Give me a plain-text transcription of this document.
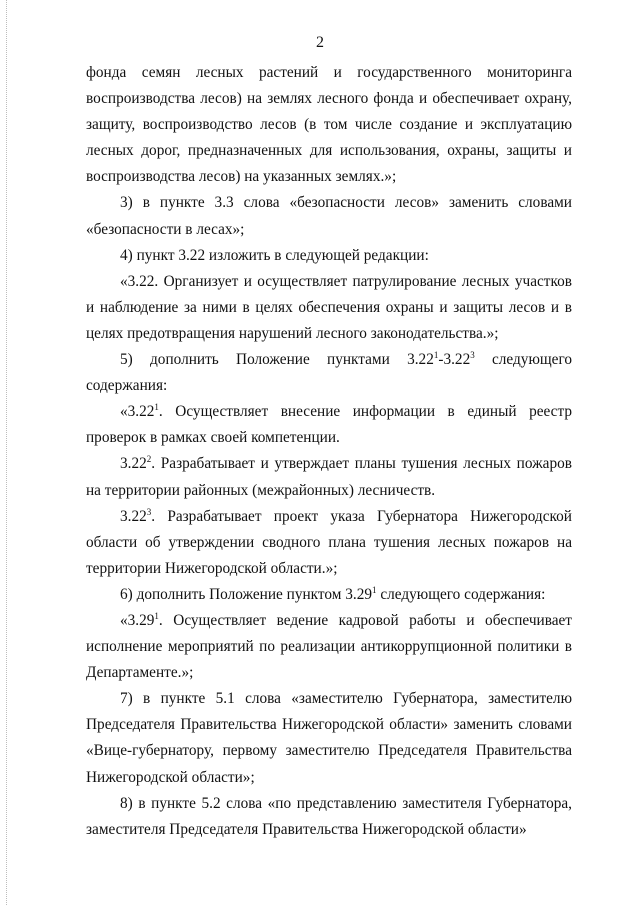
2

фонда семян лесных растений и государственного мониторинга воспроизводства лесов) на землях лесного фонда и обеспечивает охрану, защиту, воспроизводство лесов (в том числе создание и эксплуатацию лесных дорог, предназначенных для использования, охраны, защиты и воспроизводства лесов) на указанных землях.»;

3) в пункте 3.3 слова «безопасности лесов» заменить словами «безопасности в лесах»;

4) пункт 3.22 изложить в следующей редакции:

«3.22. Организует и осуществляет патрулирование лесных участков и наблюдение за ними в целях обеспечения охраны и защиты лесов и в целях предотвращения нарушений лесного законодательства.»;

5) дополнить Положение пунктами 3.22$^1$-3.22$^3$ следующего содержания:

«3.22$^1$. Осуществляет внесение информации в единый реестр проверок в рамках своей компетенции.

3.22$^2$. Разрабатывает и утверждает планы тушения лесных пожаров на территории районных (межрайонных) лесничеств.

3.22$^3$. Разрабатывает проект указа Губернатора Нижегородской области об утверждении сводного плана тушения лесных пожаров на территории Нижегородской области.»;

6) дополнить Положение пунктом 3.29$^1$ следующего содержания:

«3.29$^1$. Осуществляет ведение кадровой работы и обеспечивает исполнение мероприятий по реализации антикоррупционной политики в Департаменте.»;

7) в пункте 5.1 слова «заместителю Губернатора, заместителю Председателя Правительства Нижегородской области» заменить словами «Вице-губернатору, первому заместителю Председателя Правительства Нижегородской области»;

8) в пункте 5.2 слова «по представлению заместителя Губернатора, заместителя Председателя Правительства Нижегородской области»
